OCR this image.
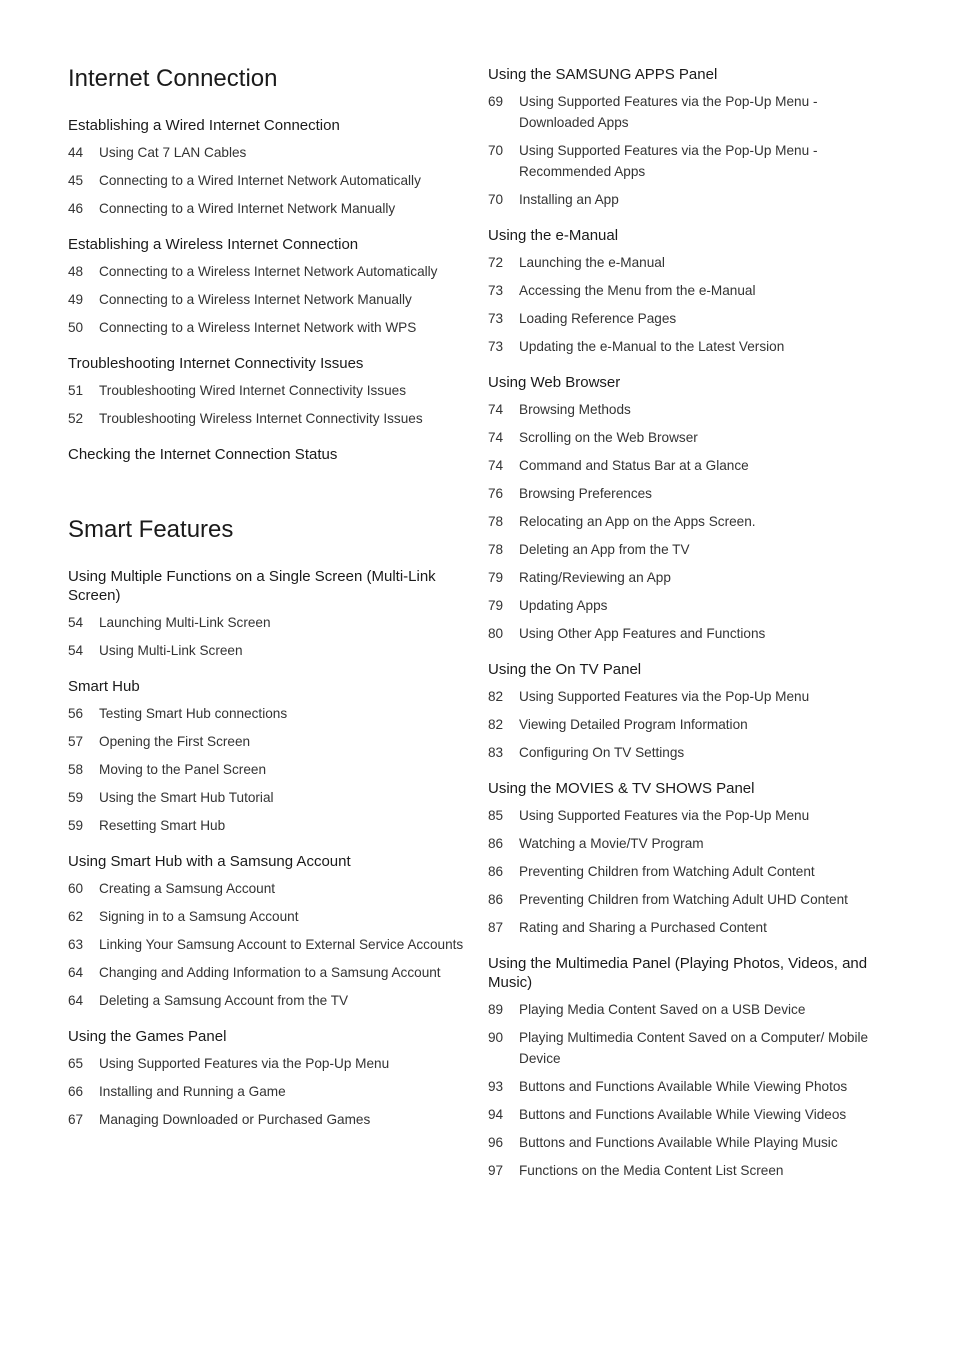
Internet Connection
Establishing a Wired Internet Connection
44	Using Cat 7 LAN Cables
45	Connecting to a Wired Internet Network Automatically
46	Connecting to a Wired Internet Network Manually
Establishing a Wireless Internet Connection
48	Connecting to a Wireless Internet Network Automatically
49	Connecting to a Wireless Internet Network Manually
50	Connecting to a Wireless Internet Network with WPS
Troubleshooting Internet Connectivity Issues
51	Troubleshooting Wired Internet Connectivity Issues
52	Troubleshooting Wireless Internet Connectivity Issues
Checking the Internet Connection Status
Smart Features
Using Multiple Functions on a Single Screen (Multi-Link Screen)
54	Launching Multi-Link Screen
54	Using Multi-Link Screen
Smart Hub
56	Testing Smart Hub connections
57	Opening the First Screen
58	Moving to the Panel Screen
59	Using the Smart Hub Tutorial
59	Resetting Smart Hub
Using Smart Hub with a Samsung Account
60	Creating a Samsung Account
62	Signing in to a Samsung Account
63	Linking Your Samsung Account to External Service Accounts
64	Changing and Adding Information to a Samsung Account
64	Deleting a Samsung Account from the TV
Using the Games Panel
65	Using Supported Features via the Pop-Up Menu
66	Installing and Running a Game
67	Managing Downloaded or Purchased Games
Using the SAMSUNG APPS Panel
69	Using Supported Features via the Pop-Up Menu - Downloaded Apps
70	Using Supported Features via the Pop-Up Menu - Recommended Apps
70	Installing an App
Using the e-Manual
72	Launching the e-Manual
73	Accessing the Menu from the e-Manual
73	Loading Reference Pages
73	Updating the e-Manual to the Latest Version
Using Web Browser
74	Browsing Methods
74	Scrolling on the Web Browser
74	Command and Status Bar at a Glance
76	Browsing Preferences
78	Relocating an App on the Apps Screen.
78	Deleting an App from the TV
79	Rating/Reviewing an App
79	Updating Apps
80	Using Other App Features and Functions
Using the On TV Panel
82	Using Supported Features via the Pop-Up Menu
82	Viewing Detailed Program Information
83	Configuring On TV Settings
Using the MOVIES & TV SHOWS Panel
85	Using Supported Features via the Pop-Up Menu
86	Watching a Movie/TV Program
86	Preventing Children from Watching Adult Content
86	Preventing Children from Watching Adult UHD Content
87	Rating and Sharing a Purchased Content
Using the Multimedia Panel (Playing Photos, Videos, and Music)
89	Playing Media Content Saved on a USB Device
90	Playing Multimedia Content Saved on a Computer/ Mobile Device
93	Buttons and Functions Available While Viewing Photos
94	Buttons and Functions Available While Viewing Videos
96	Buttons and Functions Available While Playing Music
97	Functions on the Media Content List Screen
